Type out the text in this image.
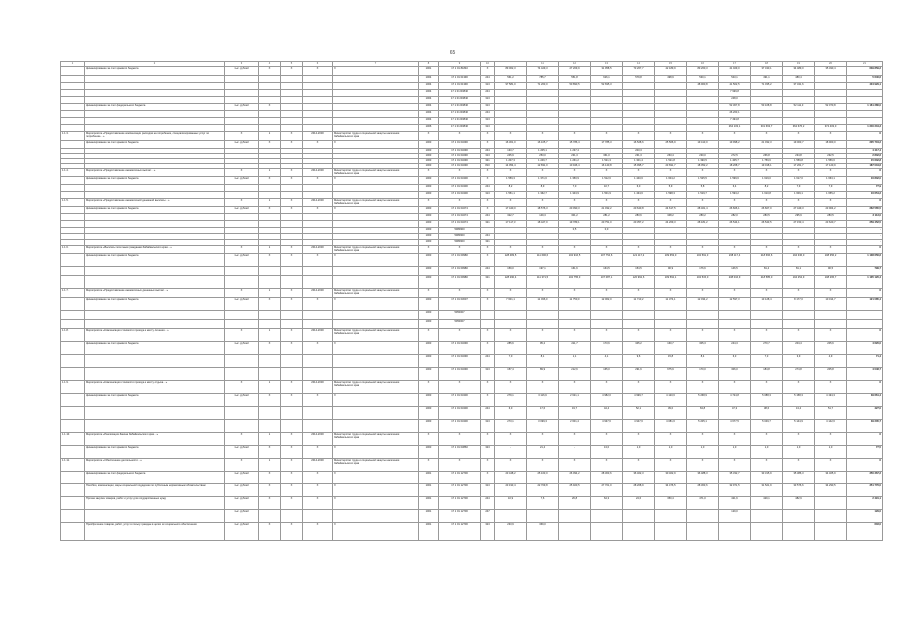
65
1	2	3	4	5	6	7	8	9	10		11	12	13	14	15	16	17	18	19	20	21
	финансирование за счет краевого бюджета	тыс. рублей	Х	Х	Х	Х	1001	17 1 01 81840	Х	89 062,3	74 429,3	27 209,9	31 958,5	73 267,7	42 189,9	89 260,3	41 029,0	37 430,1	34 489,0	35 490,4	639 859,2
							1004	17 1 01 01390	244	561,2	785,7	551,8	626,1	579,8	498,9	530,1	543,1	491,1	480,4		5 646,6
							1004	17 1 01 01390	313	97 581,0	71 263,0	50 890,5	52 695,3			48 960,8	41 502,5	71 035,2	37 341,6		404 929,1
							1004	17 1 01 R0840	244								7 999,8				
							1004	17 1 01 R0840	313								248,0				
	финансирование за счет федерального бюджета	тыс. рублей	Х				1004	17 1 01 R0840	313								52 307,8	53 108,8	52 111,3	52 070,8	1 161 280,0
							1004	17 1 01 R0840	244								26 263,1				
							1004	17 1 01 R0840	313								7 494,8				
							1006	17 1 01 R0840	313								264 103,1	301 663,7	362 676,2	374 403,0	1 240 234,3
1.1.3.	Мероприятие «Предоставление компенсации расходов на погребение, специализированных услуг по погребению…»	Х	1	Х	2014-2030	Министерство труда и социальной защиты населения Забайкальского края	Х	Х	Х	Х	Х	Х	Х	Х	Х	Х	Х	Х	Х	Х	Х
	финансирование за счет краевого бюджета	тыс. рублей	Х	Х	Х	Х	1003	17 1 01 03290	Х	16 301,0	16 105,7	15 786,4	17 785,3	16 528,6	25 566,9	19 413,0	19 998,2	21 032,3	19 003,7	18 900,0	205 704,2
							1003	17 1 01 03290	244	133,7	1 205,1	1 237,4		203,3							4 417,4
							1003	17 1 01 03290	313	245,9	253,0	231,3	361,0	231,3	263,4	230,0	272,5	266,8	234,8	232,5	2 832,6
							1003	17 1 01 03290	321	1 207,3	1 246,7	1 261,2	1 521,3	1 301,4	1 521,8	1 390,5	1 405,7	1 759,6	1 559,8	1 556,6	15 632,8
							1003	17 1 01 03290	810	14 054,4	12 831,0	10 946,4	16 140,8	15 995,7	23 691,7	18 052,2	18 268,7	19 018,1	17 261,7	17 120,9	187 034,6
1.1.4.	Мероприятие «Предоставление ежемесячных выплат…»	Х	1	Х	2014-2030	Министерство труда и социальной защиты населения Забайкальского края	Х	Х	Х	Х	Х	Х	Х	Х	Х	Х	Х	Х	Х	Х	Х
	финансирование за счет краевого бюджета	тыс. рублей	Х	Х	Х	Х	1003	17 1 01 03400	Х	1 559,3	1 371,6	1 350,9	1 512,6	1 440,6	1 604,2	1 525,5	1 599,6	1 619,0	1 617,0	1 663,1	16 832,0
							1003	17 1 01 03400	244	8,2	8,9	7,0	10,7	6,0	5,9	5,8	6,4	8,2	7,9	7,9	77,9
							1003	17 1 01 03400	313	1 551,1	1 362,7	1 343,9	1 501,9	1 434,6	1 598,3	1 519,7	1 593,2	1 610,8	1 609,1	1 655,2	16 654,2
1.1.5.	Мероприятие «Предоставление ежемесячной денежной выплаты…»	Х	1	Х	2014-2030	Министерство труда и социальной защиты населения Забайкальского края	Х	Х	Х	Х	Х	Х	Х	Х	Х	Х	Х	Х	Х	Х	Х
	финансирование за счет краевого бюджета	тыс. рублей	Х	Х	Х	Х	1003	17 1 01 03274	Х	17 440,0	18 576,3	20 090,3	21 032,2	20 640,8	24 617,5	28 461,4	26 826,1	26 827,0	27 449,3	23 904,2	262 565,5
							1003	17 1 01 03274	244	322,7	149,3	301,2	281,2	283,6	348,2	280,2	282,0	283,5	295,9	283,5	3 113,0
							1003	17 1 01 03274	321	17 117,3	18 427,0	19 789,1	20 751,0	20 357,2	24 269,3	28 181,2	26 544,1	26 543,5	27 153,4	23 620,7	259 452,5
							1003	5080900				0,5	0,0								-
							1003	5080900	244												-
							1003	5080900	321												-
1.1.6.	Мероприятие «Выплаты почетным гражданам Забайкальского края…»	Х	1	Х	2014-2030	Министерство труда и социальной защиты населения Забайкальского края	Х	Х	Х	Х	Х	Х	Х	Х	Х	Х	Х	Х	Х	Х	Х
	финансирование за счет краевого бюджета	тыс. рублей	Х	Х	Х	Х	1003	17 1 01 09980	Х	128 483,5	111 696,6	102 916,5	107 754,6	121 117,2	109 653,0	102 591,3	238 117,4	218 666,6	194 336,0	108 356,2	1 108 656,6
							1003	17 1 01 09980	244	159,0	197,1	161,6	164,5	154,5	90,9	176,6	146,5	81,4	81,1	90,5	799,7
							1003	17 1 01 09980	321	128 290,4	111 371,5	102 755,3	107 087,1	120 962,6	109 562,1	102 515,0	238 016,9	218 585,0	194 254,9	108 265,7	1 105 120,4
1.1.7.	Мероприятие «Предоставление ежемесячных денежных выплат…»	Х	1	Х	2014-2030	Министерство труда и социальной защиты населения Забайкальского края	Х	Х	Х	Х	Х	Х	Х	Х	Х	Х	Х	Х	Х	Х	Х
	финансирование за счет краевого бюджета	тыс. рублей	Х	Х	Х	Х	1003	17 1 01 03007	Х	7 601,1	11 036,0	11 750,0	12 062,0	11 713,2	11 374,1	12 034,2	12 597,3	13 128,4	8 177,0	10 014,7	121 085,4
							1003	5050007													
							1003	5050007													
1.1.8.	Мероприятие «Компенсация стоимости проезда к месту лечения…»	Х	1	Х	2014-2030	Министерство труда и социальной защиты населения Забайкальского края	Х	Х	Х	Х	Х	Х	Х	Х	Х	Х	Х	Х	Х	Х	Х
	финансирование за счет краевого бюджета	тыс. рублей	Х	Х	Х	Х	1003	17 1 01 03290	Х	285,6	95,2	211,7	173,6	345,2	160,7	305,3	244,3	270,7	204,4	205,6	4 620,0
							1003	17 1 01 03290	244	7,0	8,1	1,1	4,1	9,6	15,8	8,4	6,3	7,3	3,9	4,9	71,4
							1003	17 1 01 03290	313	157,4	89,9	212,6	165,0	291,6	675,9	170,0	306,0	184,8	274,8	205,8	4 048,7
1.1.9.	Мероприятие «Компенсация стоимости проезда к месту отдыха…»	Х	1	Х	2014-2030	Министерство труда и социальной защиты населения Забайкальского края	Х	Х	Х	Х	Х	Х	Х	Х	Х	Х	Х	Х	Х	Х	Х
	финансирование за счет краевого бюджета	тыс. рублей	Х	Х	Х	Х	1003	17 1 01 03400	Х	279,1	3 116,9	2 621,1	4 982,0	4 999,7	4 120,6	5 268,9	4 724,8	5 088,3	5 158,3	4 194,3	39 661,4
							1003	17 1 01 03400	244	6,0	17,6	19,7	44,4	52,1	39,0	63,8	47,3	38,6	13,4	51,7	427,0
							1003	17 1 01 03400	313	273,1	3 099,3	2 601,4	4 937,6	4 947,6	4 081,6	5 205,1	4 677,5	5 049,7	5 144,9	4 142,6	39 235,7
1.1.10.	Мероприятие «Реализация Закона Забайкальского края…»	Х	1	Х	2014-2030	Министерство труда и социальной защиты населения Забайкальского края	Х	Х	Х	Х	Х	Х	Х	Х	Х	Х	Х	Х	Х	Х	Х
	финансирование за счет краевого бюджета	тыс. рублей	Х	Х	Х	Х	1003	17 1 01 03860	323	-	21,4	-	13,0	1,0	1,0	1,0	1,0	1,0	1,0	1,0	77,5
1.1.11.	Мероприятие «Обеспечение деятельности…»	Х	1	Х	2014-2030	Министерство труда и социальной защиты населения Забайкальского края	Х	Х	Х	Х	Х	Х	Х	Х	Х	Х	Х	Х	Х	Х	Х
	финансирование за счет федерального бюджета	тыс. рублей	Х	Х	Х	Х	1001	17 1 01 12700	Х	23 448,2	25 163,0	26 094,2	28 303,6	36 462,3	30 462,9	36 488,3	35 332,7	33 315,9	35 386,3	34 465,9	350 367,2
	Пособия, компенсации, меры социальной поддержки по публичным нормативным обязательствам	тыс. рублей	Х	Х	Х	Х	1001	17 1 01 12700	313	23 193,4	22 709,8	25 920,5	27 701,0	28 208,9	34 476,5	28 363,6	32 971,5	31 521,9	33 576,6	34 290,5	351 776,0
	Прочая закупка товаров, работ и услуг для государственных нужд	тыс. рублей	Х	Х	Х	Х	1001	17 1 01 12700	244	10,9	7,6	26,8	64,3	24,6	350,4	471,0	421,6	429,1	482,9		2 491,1
		тыс. рублей					1001	17 1 01 12700	247								129,0				129,0
	Приобретение товаров, работ, услуг в пользу граждан в целях их социального обеспечения	тыс. рублей	Х	Х	Х	Х	1001	17 1 01 12700	323	233,9	369,0										603,0
